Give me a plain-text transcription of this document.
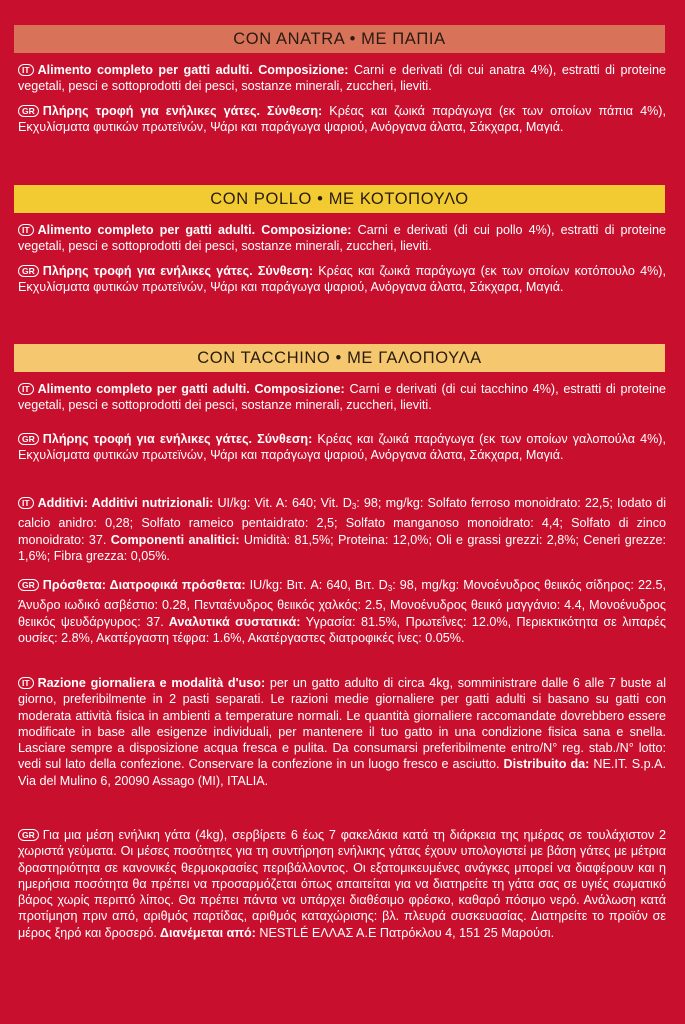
CON ANATRA • ΜΕ ΠΑΠΙΑ
IT Alimento completo per gatti adulti. Composizione: Carni e derivati (di cui anatra 4%), estratti di proteine vegetali, pesci e sottoprodotti dei pesci, sostanze minerali, zuccheri, lieviti.
GR Πλήρης τροφή για ενήλικες γάτες. Σύνθεση: Κρέας και ζωικά παράγωγα (εκ των οποίων πάπια 4%), Εκχυλίσματα φυτικών πρωτεϊνών, Ψάρι και παράγωγα ψαριού, Ανόργανα άλατα, Σάκχαρα, Μαγιά.
CON POLLO • ΜΕ ΚΟΤΟΠΟΥΛΟ
IT Alimento completo per gatti adulti. Composizione: Carni e derivati (di cui pollo 4%), estratti di proteine vegetali, pesci e sottoprodotti dei pesci, sostanze minerali, zuccheri, lieviti.
GR Πλήρης τροφή για ενήλικες γάτες. Σύνθεση: Κρέας και ζωικά παράγωγα (εκ των οποίων κοτόπουλο 4%), Εκχυλίσματα φυτικών πρωτεϊνών, Ψάρι και παράγωγα ψαριού, Ανόργανα άλατα, Σάκχαρα, Μαγιά.
CON TACCHINO • ΜΕ ΓΑΛΟΠΟΥΛΑ
IT Alimento completo per gatti adulti. Composizione: Carni e derivati (di cui tacchino 4%), estratti di proteine vegetali, pesci e sottoprodotti dei pesci, sostanze minerali, zuccheri, lieviti.
GR Πλήρης τροφή για ενήλικες γάτες. Σύνθεση: Κρέας και ζωικά παράγωγα (εκ των οποίων γαλοπούλα 4%), Εκχυλίσματα φυτικών πρωτεϊνών, Ψάρι και παράγωγα ψαριού, Ανόργανα άλατα, Σάκχαρα, Μαγιά.
IT Additivi: Additivi nutrizionali: UI/kg: Vit. A: 640; Vit. $D_3$: 98; mg/kg: Solfato ferroso monoidrato: 22,5; Iodato di calcio anidro: 0,28; Solfato rameico pentaidrato: 2,5; Solfato manganoso monoidrato: 4,4; Solfato di zinco monoidrato: 37. Componenti analitici: Umidità: 81,5%; Proteina: 12,0%; Oli e grassi grezzi: 2,8%; Ceneri grezze: 1,6%; Fibra grezza: 0,05%.
GR Πρόσθετα: Διατροφικά πρόσθετα: IU/kg: Βιτ. A: 640, Βιτ. $D_3$: 98, mg/kg: Μονοένυδρος θειικός σίδηρος: 22.5, Άνυδρο ιωδικό ασβέστιο: 0.28, Πενταένυδρος θειικός χαλκός: 2.5, Μονοένυδρος θειικό μαγγάνιο: 4.4, Μονοένυδρος θειικός ψευδάργυρος: 37. Αναλυτικά συστατικά: Υγρασία: 81.5%, Πρωτεΐνες: 12.0%, Περιεκτικότητα σε λιπαρές ουσίες: 2.8%, Ακατέργαστη τέφρα: 1.6%, Ακατέργαστες διατροφικές ίνες: 0.05%.
IT Razione giornaliera e modalità d'uso: per un gatto adulto di circa 4kg, somministrare dalle 6 alle 7 buste al giorno, preferibilmente in 2 pasti separati. Le razioni medie giornaliere per gatti adulti si basano su gatti con moderata attività fisica in ambienti a temperature normali. Le quantità giornaliere raccomandate dovrebbero essere modificate in base alle esigenze individuali, per mantenere il tuo gatto in una condizione fisica sana e snella. Lasciare sempre a disposizione acqua fresca e pulita. Da consumarsi preferibilmente entro/N° reg. stab./N° lotto: vedi sul lato della confezione. Conservare la confezione in un luogo fresco e asciutto. Distribuito da: NE.IT. S.p.A. Via del Mulino 6, 20090 Assago (MI), ITALIA.
GR Για μια μέση ενήλικη γάτα (4kg), σερβίρετε 6 έως 7 φακελάκια κατά τη διάρκεια της ημέρας σε τουλάχιστον 2 χωριστά γεύματα. Οι μέσες ποσότητες για τη συντήρηση ενήλικης γάτας έχουν υπολογιστεί με βάση γάτες με μέτρια δραστηριότητα σε κανονικές θερμοκρασίες περιβάλλοντος. Οι εξατομικευμένες ανάγκες μπορεί να διαφέρουν και η ημερήσια ποσότητα θα πρέπει να προσαρμόζεται όπως απαιτείται για να διατηρείτε τη γάτα σας σε υγιές σωματικό βάρος χωρίς περιττό λίπος. Θα πρέπει πάντα να υπάρχει διαθέσιμο φρέσκο, καθαρό πόσιμο νερό. Ανάλωση κατά προτίμηση πριν από, αριθμός παρτίδας, αριθμός καταχώρισης: βλ. πλευρά συσκευασίας. Διατηρείτε το προϊόν σε μέρος ξηρό και δροσερό. Διανέμεται από: NESTLÉ ΕΛΛΑΣ Α.Ε Πατρόκλου 4, 151 25 Μαρούσι.
